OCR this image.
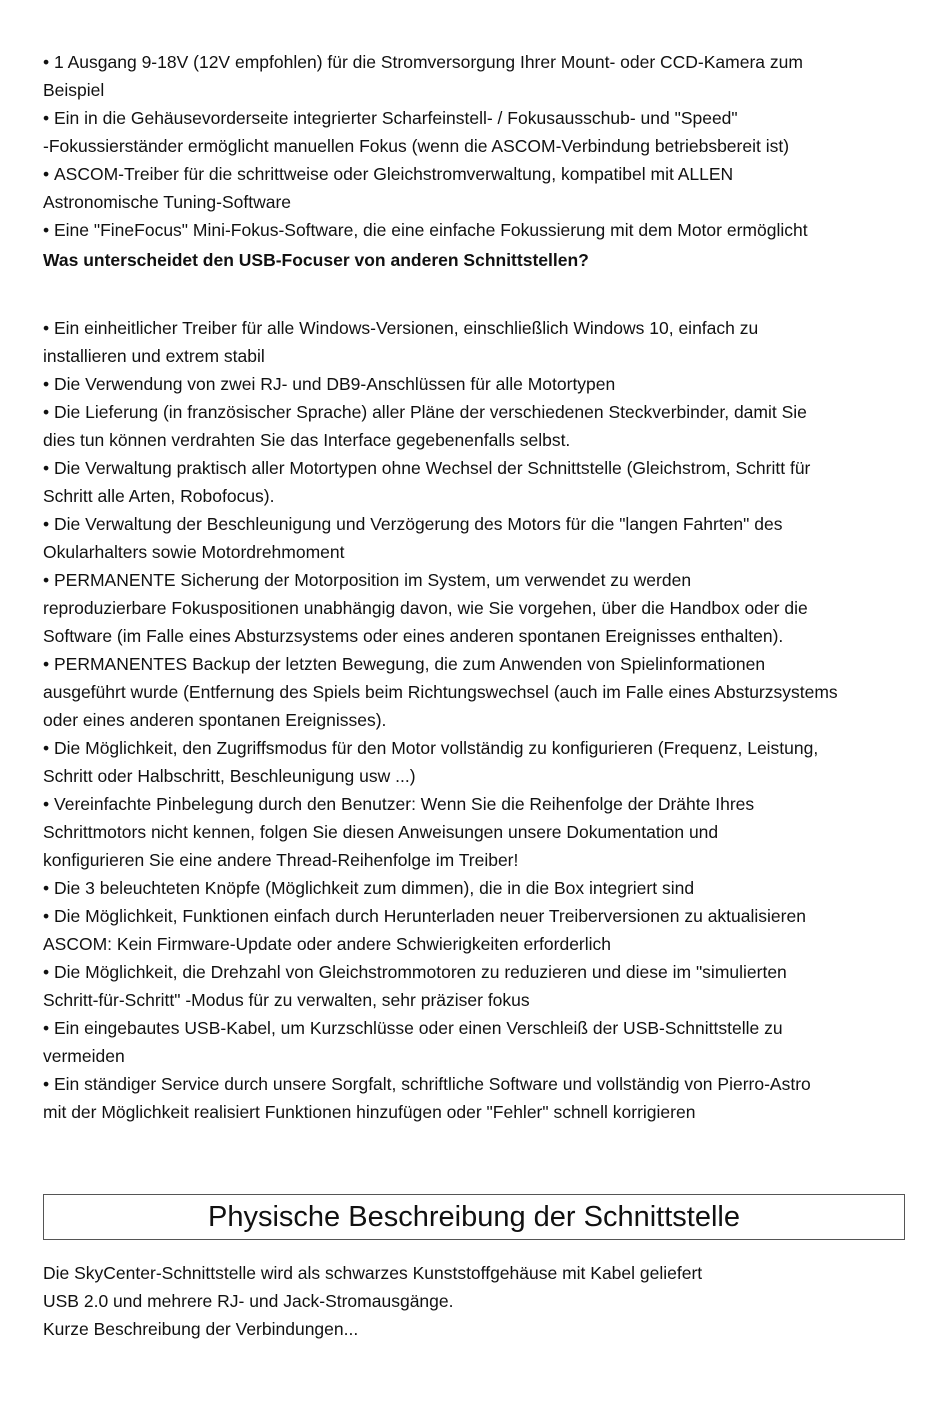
• 1 Ausgang 9-18V (12V empfohlen) für die Stromversorgung Ihrer Mount- oder CCD-Kamera zum
Beispiel
• Ein in die Gehäusevorderseite integrierter Scharfeinstell- / Fokusausschub- und "Speed"
-Fokussierständer ermöglicht manuellen Fokus (wenn die ASCOM-Verbindung betriebsbereit ist)
• ASCOM-Treiber für die schrittweise oder Gleichstromverwaltung, kompatibel mit ALLEN
Astronomische Tuning-Software
• Eine "FineFocus" Mini-Fokus-Software, die eine einfache Fokussierung mit dem Motor ermöglicht
Was unterscheidet den USB-Focuser von anderen Schnittstellen?
• Ein einheitlicher Treiber für alle Windows-Versionen, einschließlich Windows 10, einfach zu
installieren und extrem stabil
• Die Verwendung von zwei RJ- und DB9-Anschlüssen für alle Motortypen
• Die Lieferung (in französischer Sprache) aller Pläne der verschiedenen Steckverbinder, damit Sie
dies tun können verdrahten Sie das Interface gegebenenfalls selbst.
• Die Verwaltung praktisch aller Motortypen ohne Wechsel der Schnittstelle (Gleichstrom, Schritt für
Schritt alle Arten, Robofocus).
• Die Verwaltung der Beschleunigung und Verzögerung des Motors für die "langen Fahrten" des
Okularhalters sowie Motordrehmoment
• PERMANENTE Sicherung der Motorposition im System, um verwendet zu werden
reproduzierbare Fokuspositionen unabhängig davon, wie Sie vorgehen, über die Handbox oder die
Software (im Falle eines Absturzsystems oder eines anderen spontanen Ereignisses enthalten).
• PERMANENTES Backup der letzten Bewegung, die zum Anwenden von Spielinformationen
ausgeführt wurde (Entfernung des Spiels beim Richtungswechsel (auch im Falle eines Absturzsystems
oder eines anderen spontanen Ereignisses).
• Die Möglichkeit, den Zugriffsmodus für den Motor vollständig zu konfigurieren (Frequenz, Leistung,
Schritt oder Halbschritt, Beschleunigung usw ...)
• Vereinfachte Pinbelegung durch den Benutzer: Wenn Sie die Reihenfolge der Drähte Ihres
Schrittmotors nicht kennen, folgen Sie diesen Anweisungen unsere Dokumentation und
konfigurieren Sie eine andere Thread-Reihenfolge im Treiber!
• Die 3 beleuchteten Knöpfe (Möglichkeit zum dimmen), die in die Box integriert sind
• Die Möglichkeit, Funktionen einfach durch Herunterladen neuer Treiberversionen zu aktualisieren
ASCOM: Kein Firmware-Update oder andere Schwierigkeiten erforderlich
• Die Möglichkeit, die Drehzahl von Gleichstrommotoren zu reduzieren und diese im "simulierten
Schritt-für-Schritt" -Modus für zu verwalten, sehr präziser fokus
• Ein eingebautes USB-Kabel, um Kurzschlüsse oder einen Verschleiß der USB-Schnittstelle zu
vermeiden
• Ein ständiger Service durch unsere Sorgfalt, schriftliche Software und vollständig von Pierro-Astro
mit der Möglichkeit realisiert Funktionen hinzufügen oder "Fehler" schnell korrigieren
Physische Beschreibung der Schnittstelle
Die SkyCenter-Schnittstelle wird als schwarzes Kunststoffgehäuse mit Kabel geliefert
USB 2.0 und mehrere RJ- und Jack-Stromausgänge.
Kurze Beschreibung der Verbindungen...
